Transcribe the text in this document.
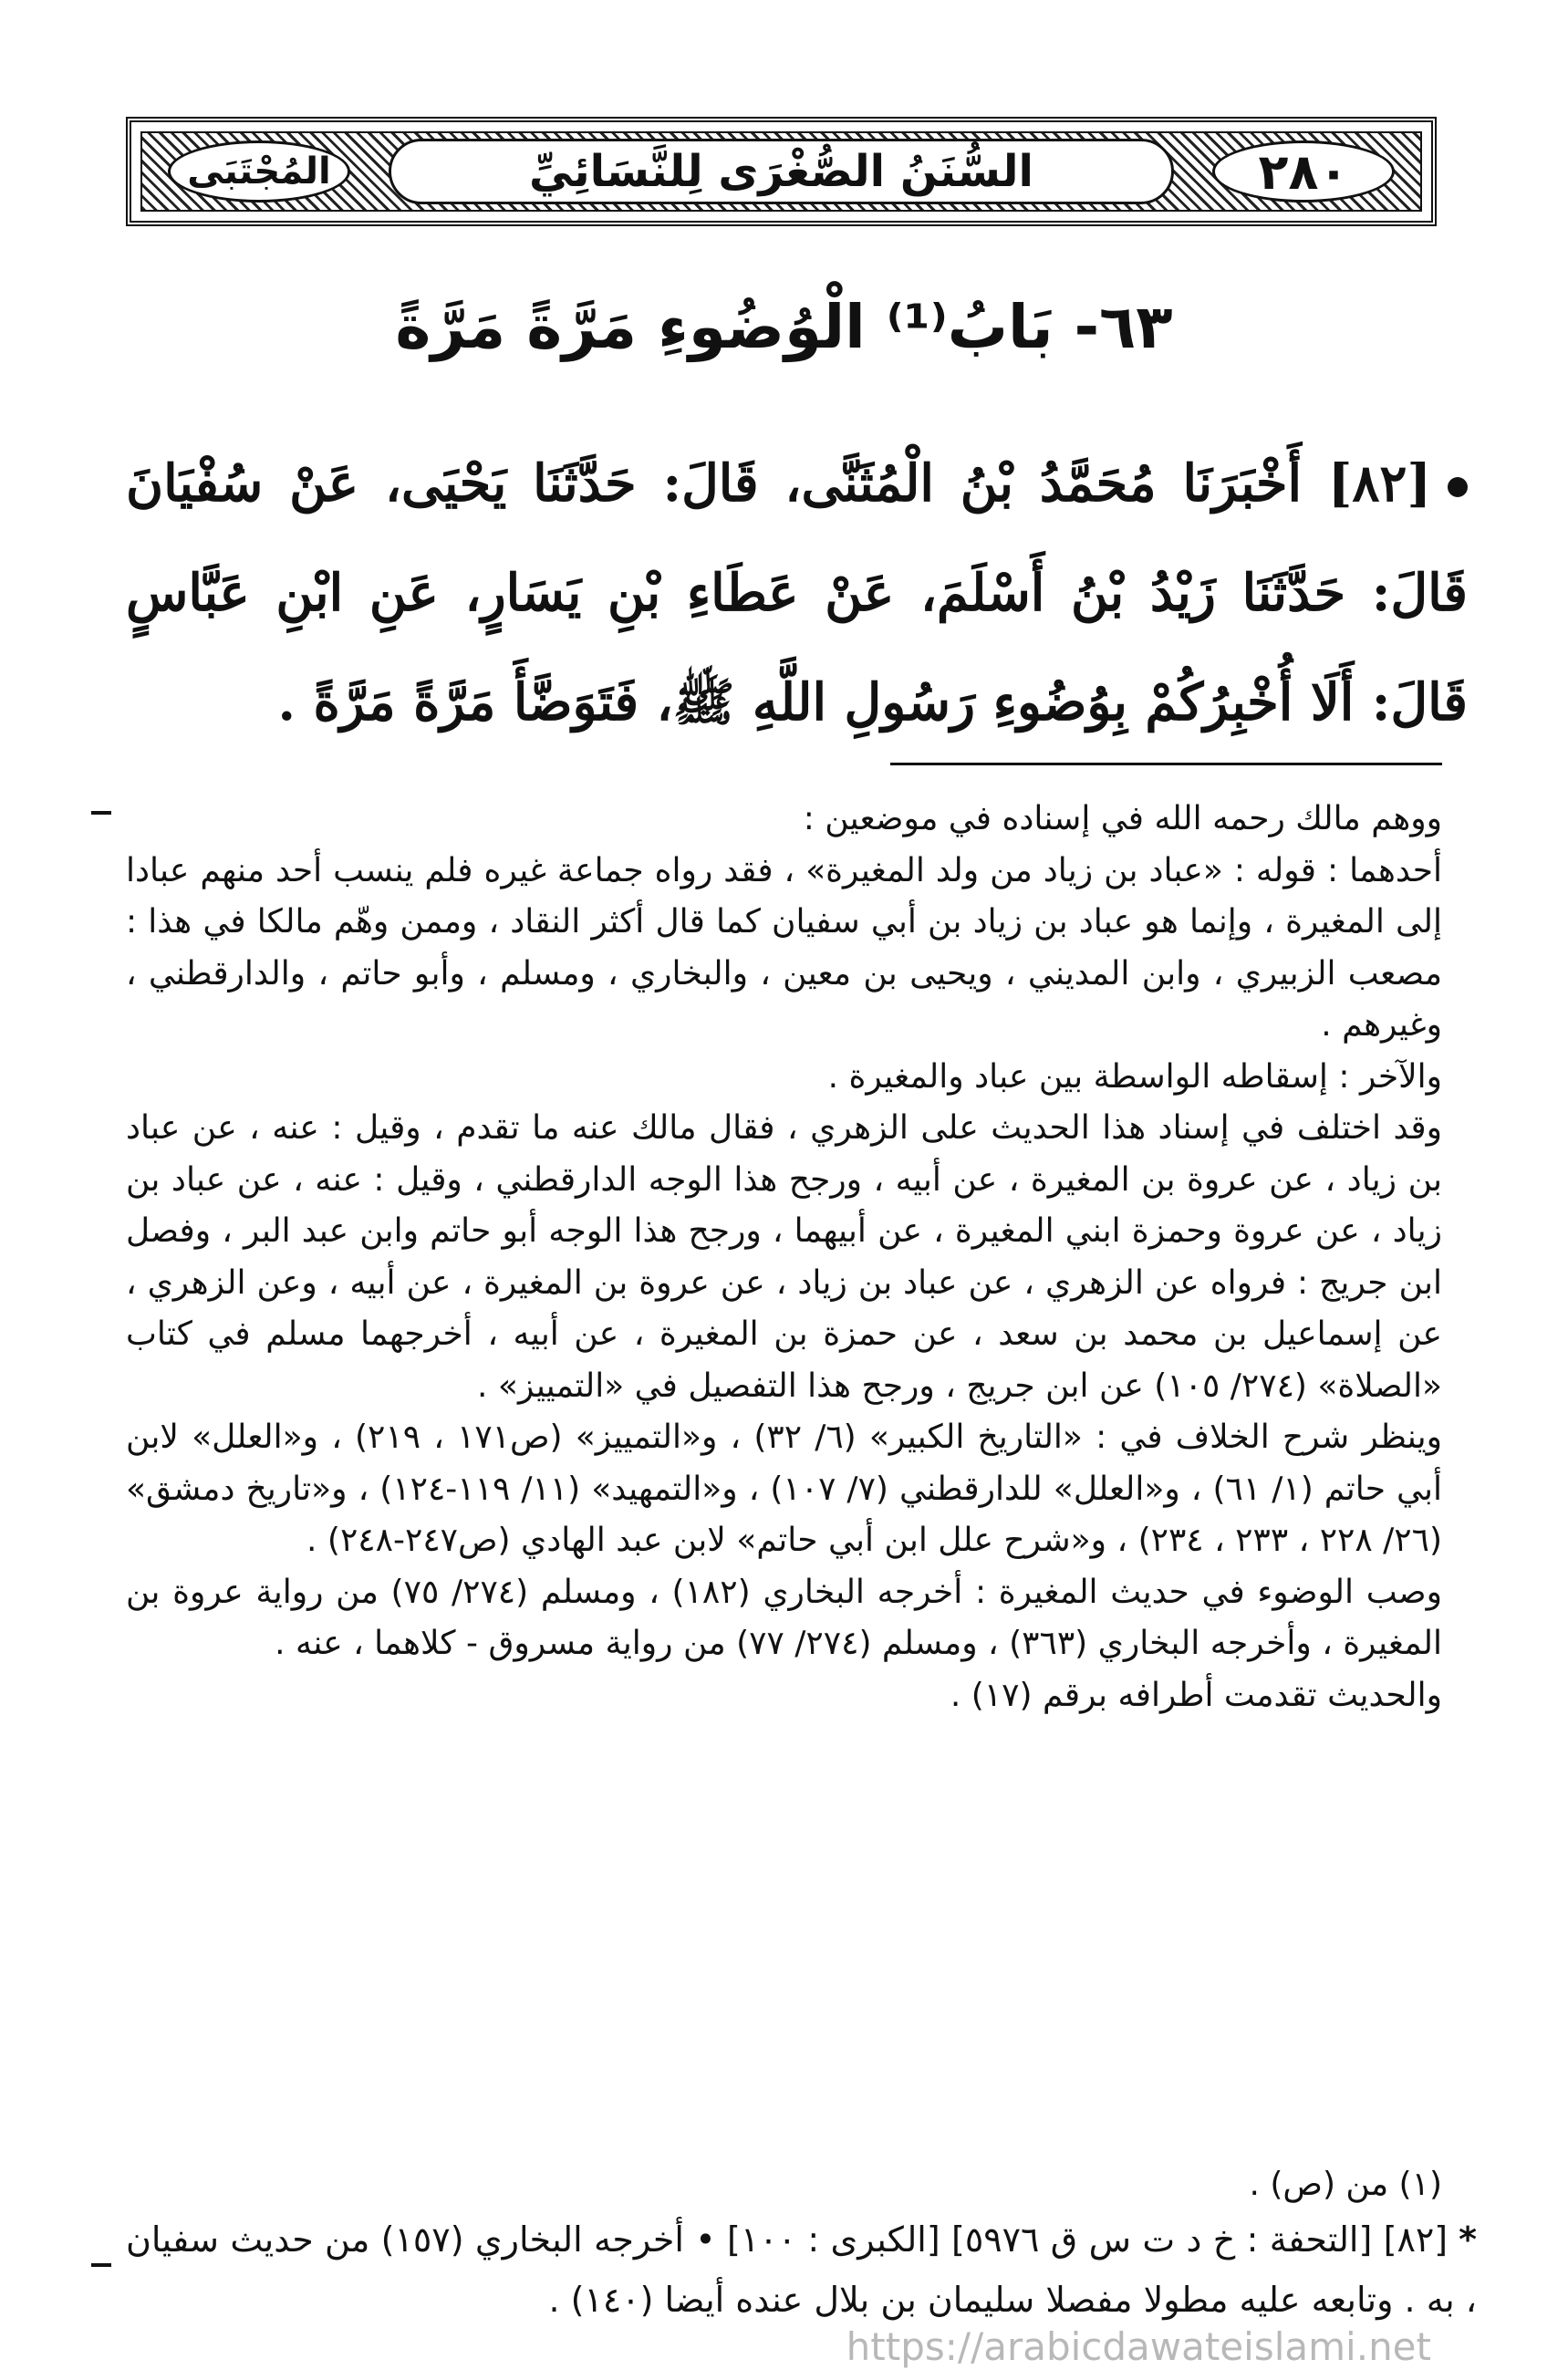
٢٨٠
السُّنَنُ الصُّغْرَى لِلنَّسَائِيِّ
المُجْتَبَى
٦٣- بَابُ⁽¹⁾ الْوُضُوءِ مَرَّةً مَرَّةً
[٨٢] أَخْبَرَنَا مُحَمَّدُ بْنُ الْمُثَنَّى، قَالَ: حَدَّثَنَا يَحْيَى، عَنْ سُفْيَانَ قَالَ: حَدَّثَنَا زَيْدُ بْنُ أَسْلَمَ، عَنْ عَطَاءِ بْنِ يَسَارٍ، عَنِ ابْنِ عَبَّاسٍ قَالَ: أَلَا أُخْبِرُكُمْ بِوُضُوءِ رَسُولِ اللَّهِ ﷺ، فَتَوَضَّأَ مَرَّةً مَرَّةً .

ووهم مالك رحمه الله في إسناده في موضعين :

أحدهما : قوله : «عباد بن زياد من ولد المغيرة» ، فقد رواه جماعة غيره فلم ينسب أحد منهم عبادا إلى المغيرة ، وإنما هو عباد بن زياد بن أبي سفيان كما قال أكثر النقاد ، وممن وهّم مالكا في هذا : مصعب الزبيري ، وابن المديني ، ويحيى بن معين ، والبخاري ، ومسلم ، وأبو حاتم ، والدارقطني ، وغيرهم .

والآخر : إسقاطه الواسطة بين عباد والمغيرة .

وقد اختلف في إسناد هذا الحديث على الزهري ، فقال مالك عنه ما تقدم ، وقيل : عنه ، عن عباد بن زياد ، عن عروة بن المغيرة ، عن أبيه ، ورجح هذا الوجه الدارقطني ، وقيل : عنه ، عن عباد بن زياد ، عن عروة وحمزة ابني المغيرة ، عن أبيهما ، ورجح هذا الوجه أبو حاتم وابن عبد البر ، وفصل ابن جريج : فرواه عن الزهري ، عن عباد بن زياد ، عن عروة بن المغيرة ، عن أبيه ، وعن الزهري ، عن إسماعيل بن محمد بن سعد ، عن حمزة بن المغيرة ، عن أبيه ، أخرجهما مسلم في كتاب «الصلاة» (٢٧٤/ ١٠٥) عن ابن جريج ، ورجح هذا التفصيل في «التمييز» .

وينظر شرح الخلاف في : «التاريخ الكبير» (٦/ ٣٢) ، و«التمييز» (ص١٧١ ، ٢١٩) ، و«العلل» لابن أبي حاتم (١/ ٦١) ، و«العلل» للدارقطني (٧/ ١٠٧) ، و«التمهيد» (١١/ ١١٩-١٢٤) ، و«تاريخ دمشق» (٢٦/ ٢٢٨ ، ٢٣٣ ، ٢٣٤) ، و«شرح علل ابن أبي حاتم» لابن عبد الهادي (ص٢٤٧-٢٤٨) .

وصب الوضوء في حديث المغيرة : أخرجه البخاري (١٨٢) ، ومسلم (٢٧٤/ ٧٥) من رواية عروة بن المغيرة ، وأخرجه البخاري (٣٦٣) ، ومسلم (٢٧٤/ ٧٧) من رواية مسروق - كلاهما ، عنه .

والحديث تقدمت أطرافه برقم (١٧) .

(١) من (ص) .
*[٨٢] [التحفة : خ د ت س ق ٥٩٧٦] [الكبرى : ١٠٠] • أخرجه البخاري (١٥٧) من حديث سفيان ، به . وتابعه عليه مطولا مفصلا سليمان بن بلال عنده أيضا (١٤٠) .
https://arabicdawateislami.net
